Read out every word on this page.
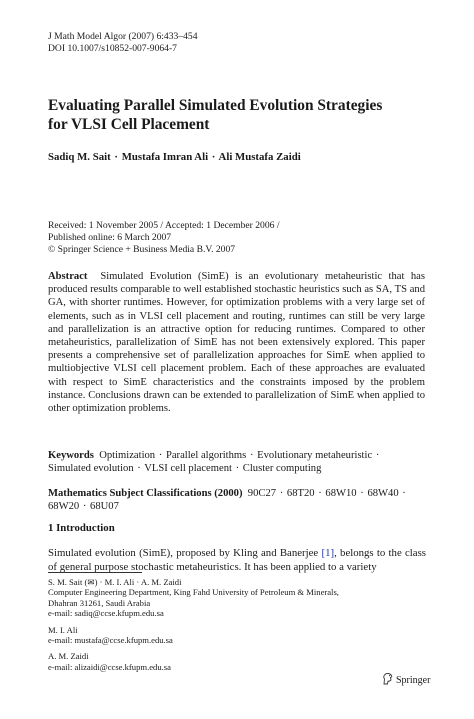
J Math Model Algor (2007) 6:433–454
DOI 10.1007/s10852-007-9064-7
Evaluating Parallel Simulated Evolution Strategies
for VLSI Cell Placement
Sadiq M. Sait · Mustafa Imran Ali · Ali Mustafa Zaidi
Received: 1 November 2005 / Accepted: 1 December 2006 /
Published online: 6 March 2007
© Springer Science + Business Media B.V. 2007
Abstract Simulated Evolution (SimE) is an evolutionary metaheuristic that has produced results comparable to well established stochastic heuristics such as SA, TS and GA, with shorter runtimes. However, for optimization problems with a very large set of elements, such as in VLSI cell placement and routing, runtimes can still be very large and parallelization is an attractive option for reducing runtimes. Compared to other metaheuristics, parallelization of SimE has not been extensively explored. This paper presents a comprehensive set of parallelization approaches for SimE when applied to multiobjective VLSI cell placement problem. Each of these approaches are evaluated with respect to SimE characteristics and the constraints imposed by the problem instance. Conclusions drawn can be extended to parallelization of SimE when applied to other optimization problems.
Keywords Optimization · Parallel algorithms · Evolutionary metaheuristic · Simulated evolution · VLSI cell placement · Cluster computing
Mathematics Subject Classifications (2000) 90C27 · 68T20 · 68W10 · 68W40 · 68W20 · 68U07
1 Introduction
Simulated evolution (SimE), proposed by Kling and Banerjee [1], belongs to the class of general purpose stochastic metaheuristics. It has been applied to a variety
S. M. Sait (✉) · M. I. Ali · A. M. Zaidi
Computer Engineering Department, King Fahd University of Petroleum & Minerals,
Dhahran 31261, Saudi Arabia
e-mail: sadiq@ccse.kfupm.edu.sa
M. I. Ali
e-mail: mustafa@ccse.kfupm.edu.sa
A. M. Zaidi
e-mail: alizaidi@ccse.kfupm.edu.sa
Springer
